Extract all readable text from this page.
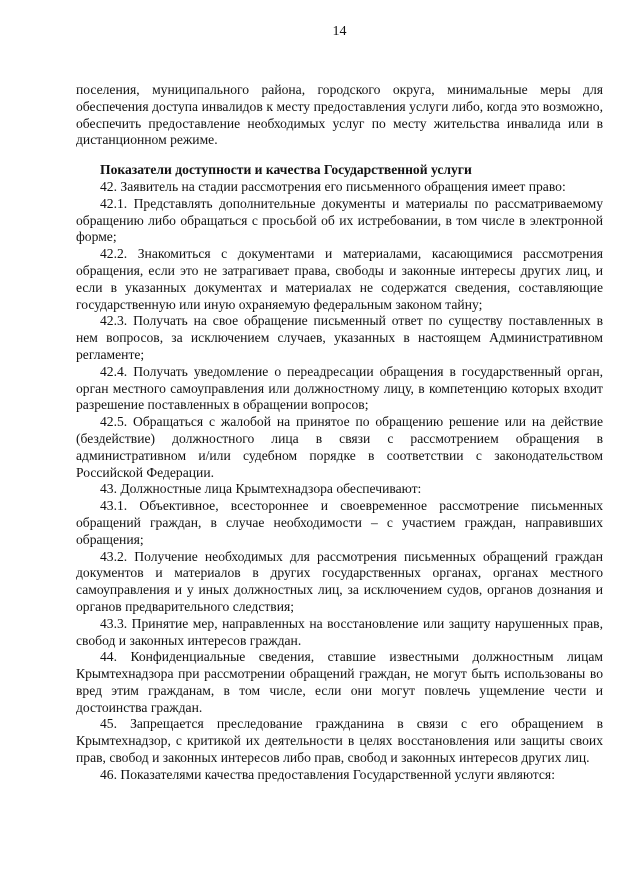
14

поселения, муниципального района, городского округа, минимальные меры для обеспечения доступа инвалидов к месту предоставления услуги либо, когда это возможно, обеспечить предоставление необходимых услуг по месту жительства инвалида или в дистанционном режиме.

Показатели доступности и качества Государственной услуги

42. Заявитель на стадии рассмотрения его письменного обращения имеет право:

42.1. Представлять дополнительные документы и материалы по рассматриваемому обращению либо обращаться с просьбой об их истребовании, в том числе в электронной форме;

42.2. Знакомиться с документами и материалами, касающимися рассмотрения обращения, если это не затрагивает права, свободы и законные интересы других лиц, и если в указанных документах и материалах не содержатся сведения, составляющие государственную или иную охраняемую федеральным законом тайну;

42.3. Получать на свое обращение письменный ответ по существу поставленных в нем вопросов, за исключением случаев, указанных в настоящем Административном регламенте;

42.4. Получать уведомление о переадресации обращения в государственный орган, орган местного самоуправления или должностному лицу, в компетенцию которых входит разрешение поставленных в обращении вопросов;

42.5. Обращаться с жалобой на принятое по обращению решение или на действие (бездействие) должностного лица в связи с рассмотрением обращения в административном и/или судебном порядке в соответствии с законодательством Российской Федерации.

43. Должностные лица Крымтехнадзора обеспечивают:

43.1. Объективное, всестороннее и своевременное рассмотрение письменных обращений граждан, в случае необходимости – с участием граждан, направивших обращения;

43.2. Получение необходимых для рассмотрения письменных обращений граждан документов и материалов в других государственных органах, органах местного самоуправления и у иных должностных лиц, за исключением судов, органов дознания и органов предварительного следствия;

43.3. Принятие мер, направленных на восстановление или защиту нарушенных прав, свобод и законных интересов граждан.

44. Конфиденциальные сведения, ставшие известными должностным лицам Крымтехнадзора при рассмотрении обращений граждан, не могут быть использованы во вред этим гражданам, в том числе, если они могут повлечь ущемление чести и достоинства граждан.

45. Запрещается преследование гражданина в связи с его обращением в Крымтехнадзор, с критикой их деятельности в целях восстановления или защиты своих прав, свобод и законных интересов либо прав, свобод и законных интересов других лиц.

46. Показателями качества предоставления Государственной услуги являются:
